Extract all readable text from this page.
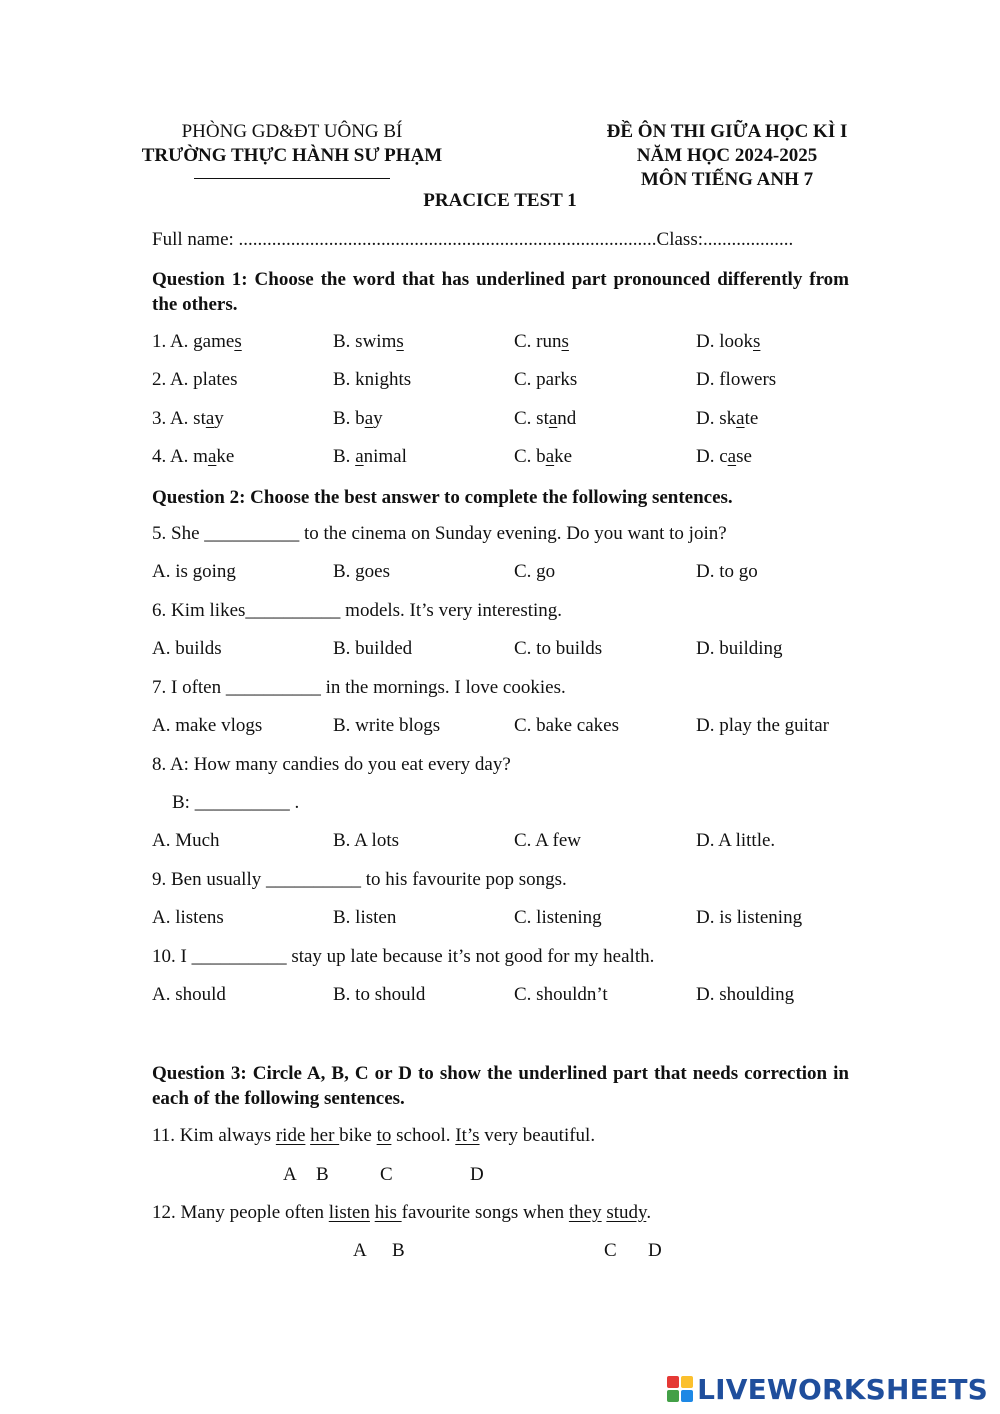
PHÒNG GD&ĐT UÔNG BÍ
TRƯỜNG THỰC HÀNH SƯ PHẠM
ĐỀ ÔN THI GIỮA HỌC KÌ I
NĂM HỌC 2024-2025
MÔN TIẾNG ANH 7
PRACICE TEST 1
Full name: ........................................................................................Class:...................
Question 1: Choose the word that has underlined part pronounced differently from the others.
1. A. games	B. swims	C. runs	D. looks
2. A. plates	B. knights	C. parks	D. flowers
3. A. stay	B. bay	C. stand	D. skate
4. A. make	B. animal	C. bake	D. case
Question 2: Choose the best answer to complete the following sentences.
5. She __________ to the cinema on Sunday evening. Do you want to join?
A. is going	B. goes	C. go	D. to go
6. Kim likes__________ models. It’s very interesting.
A. builds	B. builded	C. to builds	D. building
7. I often __________ in the mornings. I love cookies.
A. make vlogs	B. write blogs	C. bake cakes	D. play the guitar
8. A: How many candies do you eat every day?
B: __________ .
A. Much	B. A lots	C. A few	D. A little.
9. Ben usually __________ to his favourite pop songs.
A. listens	B. listen	C. listening	D. is listening
10. I __________ stay up late because it’s not good for my health.
A. should	B. to should	C. shouldn’t	D. shoulding
Question 3: Circle A, B, C or D to show the underlined part that needs correction in each of the following sentences.
11. Kim always ride her bike to school. It’s very beautiful.
A B	C	D
12. Many people often listen his favourite songs when they study.
A B	C D
LIVEWORKSHEETS
